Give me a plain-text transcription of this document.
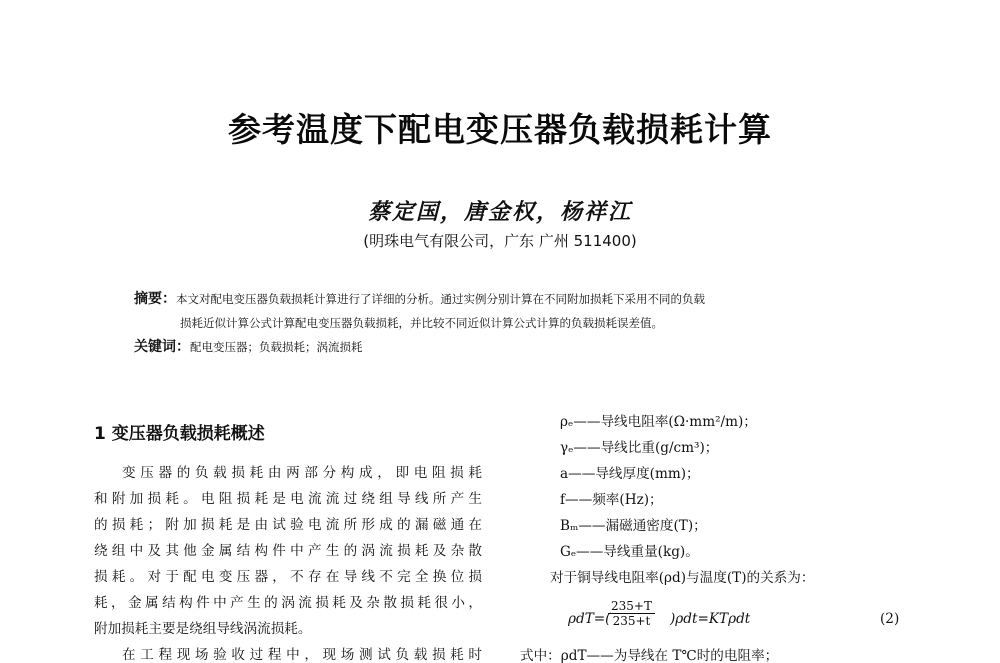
参考温度下配电变压器负载损耗计算
蔡定国，唐金权，杨祥江
(明珠电气有限公司，广东 广州 511400)
摘要：本文对配电变压器负载损耗计算进行了详细的分析。通过实例分别计算在不同附加损耗下采用不同的负载
损耗近似计算公式计算配电变压器负载损耗，并比较不同近似计算公式计算的负载损耗误差值。
关键词：配电变压器；负载损耗；涡流损耗
1 变压器负载损耗概述
变压器的负载损耗由两部分构成，即电阻损耗
和附加损耗。电阻损耗是电流流过绕组导线所产生
的损耗；附加损耗是由试验电流所形成的漏磁通在
绕组中及其他金属结构件中产生的涡流损耗及杂散
损耗。对于配电变压器，不存在导线不完全换位损
耗，金属结构件中产生的涡流损耗及杂散损耗很小，
附加损耗主要是绕组导线涡流损耗。
在工程现场验收过程中，现场测试负载损耗时
ρₑ——导线电阻率(Ω·mm²/m)；
γₑ——导线比重(g/cm³)；
a——导线厚度(mm)；
f——频率(Hz)；
Bₘ——漏磁通密度(T)；
Gₑ——导线重量(kg)。
对于铜导线电阻率(ρd)与温度(T)的关系为：
ρdT=(
$\frac{235+T}{235+t} )\rho dt=KT\rho dt$	(2)
式中：ρdT——为导线在 T℃时的电阻率；
